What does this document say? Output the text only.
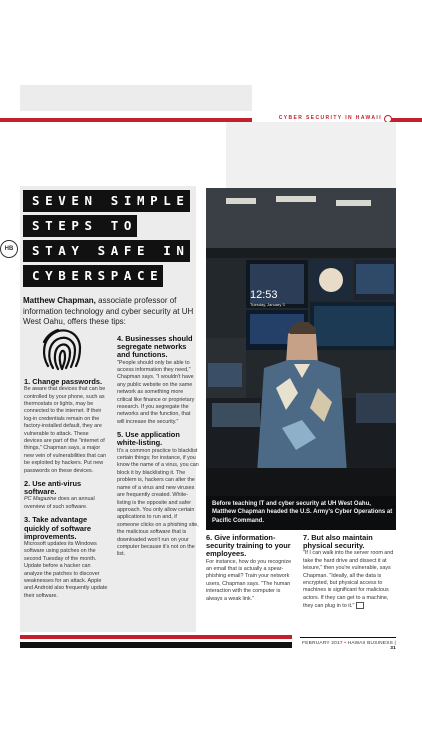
CYBER SECURITY IN HAWAII
SEVEN SIMPLE
STEPS TO
STAY SAFE IN
CYBERSPACE
HB
12:53
Tuesday, January 3
Before teaching IT and cyber security at UH West Oahu, Matthew Chapman headed the U.S. Army's Cyber Operations at Pacific Command.
Matthew Chapman, associate professor of information technology and cyber security at UH West Oahu, offers these tips:
1. Change passwords.

Be aware that devices that can be controlled by your phone, such as thermostats or lights, may be connected to the internet. If their log-in credentials remain on the factory-installed default, they are vulnerable to attack. These devices are part of the "internet of things," Chapman says, a major new vein of vulnerabilities that can be exploited by hackers. Put new passwords on these devices.

2. Use anti-virus software.

PC Magazine does an annual overview of such software.

3. Take advantage quickly of software improvements.

Microsoft updates its Windows software using patches on the second Tuesday of the month. Update before a hacker can analyze the patches to discover weaknesses for an attack. Apple and Android also frequently update their software.

4. Businesses should segregate networks and functions.

"People should only be able to access information they need," Chapman says. "I wouldn't have any public website on the same network as something more critical like finance or proprietary research. If you segregate the networks and the function, that will increase the security."

5. Use application white-listing.

It's a common practice to blacklist certain things; for instance, if you know the name of a virus, you can block it by blacklisting it. The problem is, hackers can alter the name of a virus and new viruses are frequently created. White-listing is the opposite and safer approach. You only allow certain applications to run and, if someone clicks on a phishing site, the malicious software that is downloaded won't run on your computer because it's not on the list.

6. Give information-security training to your employees.

For instance, how do you recognize an email that is actually a spear-phishing email? Train your network users, Chapman says. "The human interaction with the computer is always a weak link."

7. But also maintain physical security.

"If I can walk into the server room and take the hard drive and dissect it at leisure," then you're vulnerable, says Chapman. "Ideally, all the data is encrypted, but physical access to machines is significant for malicious actors. If they can get to a machine, they can plug in to it."

FEBRUARY 2017 • HAWAII BUSINESS | 31
